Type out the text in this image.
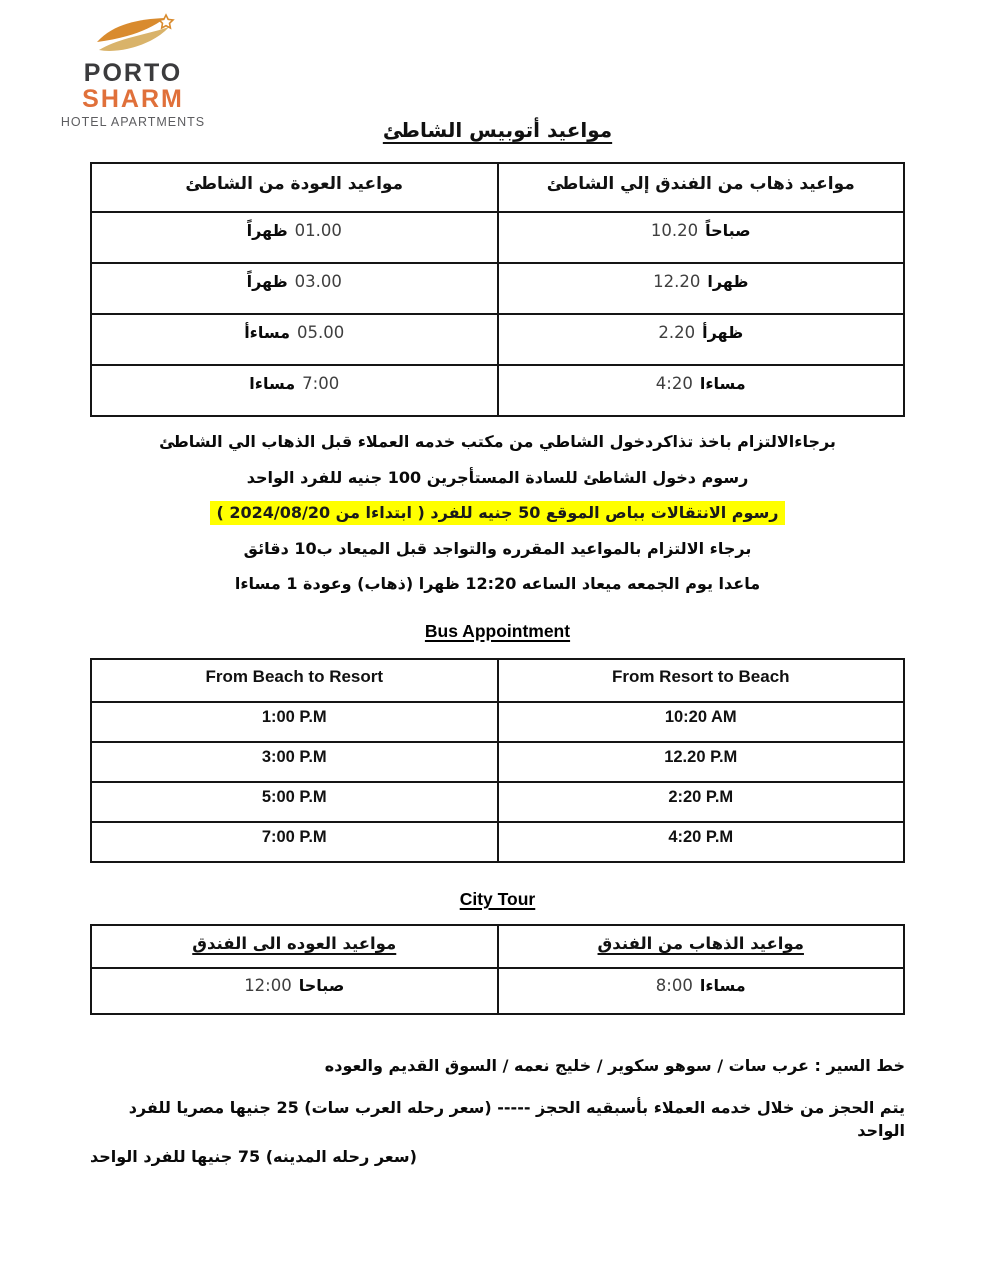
PORTO
SHARM
HOTEL APARTMENTS	مواعيد أتوبيس الشاطئ
مواعيد العودة من الشاطئ	مواعيد ذهاب من الفندق إلي الشاطئ

ظهراً 01.00	10.20 صباحاً

ظهراً 03.00	12.20 ظهرا

مساءأ 05.00	2.20 ظهرأ

مساءا 7:00	4:20 مساءا
برجاءالالتزام باخذ تذاكردخول الشاطي من مكتب خدمه العملاء قبل الذهاب الي الشاطئ
رسوم دخول الشاطئ للسادة المستأجرين 100 جنيه للفرد الواحد
رسوم الانتقالات بباص الموقع 50 جنيه للفرد ( ابتداءا من 2024/08/20 )
برجاء الالتزام بالمواعيد المقرره والتواجد قبل الميعاد ب10 دقائق
ماعدا يوم الجمعه ميعاد الساعه 12:20 ظهرا (ذهاب) وعودة 1 مساءا
Bus Appointment
From Beach to Resort	From Resort to Beach
1:00 P.M	10:20 AM
3:00 P.M	12.20 P.M
5:00 P.M	2:20 P.M
7:00 P.M	4:20 P.M
City Tour
مواعيد العوده الى الفندق	مواعيد الذهاب من الفندق

12:00 صباحا	8:00 مساءا
خط السير : عرب سات / سوهو سكوير / خليج نعمه / السوق القديم والعوده
يتم الحجز من خلال خدمه العملاء بأسبقيه الحجز ----- (سعر رحله العرب سات) 25 جنيها مصريا للفرد الواحد
(سعر رحله المدينه) 75 جنيها للفرد الواحد
